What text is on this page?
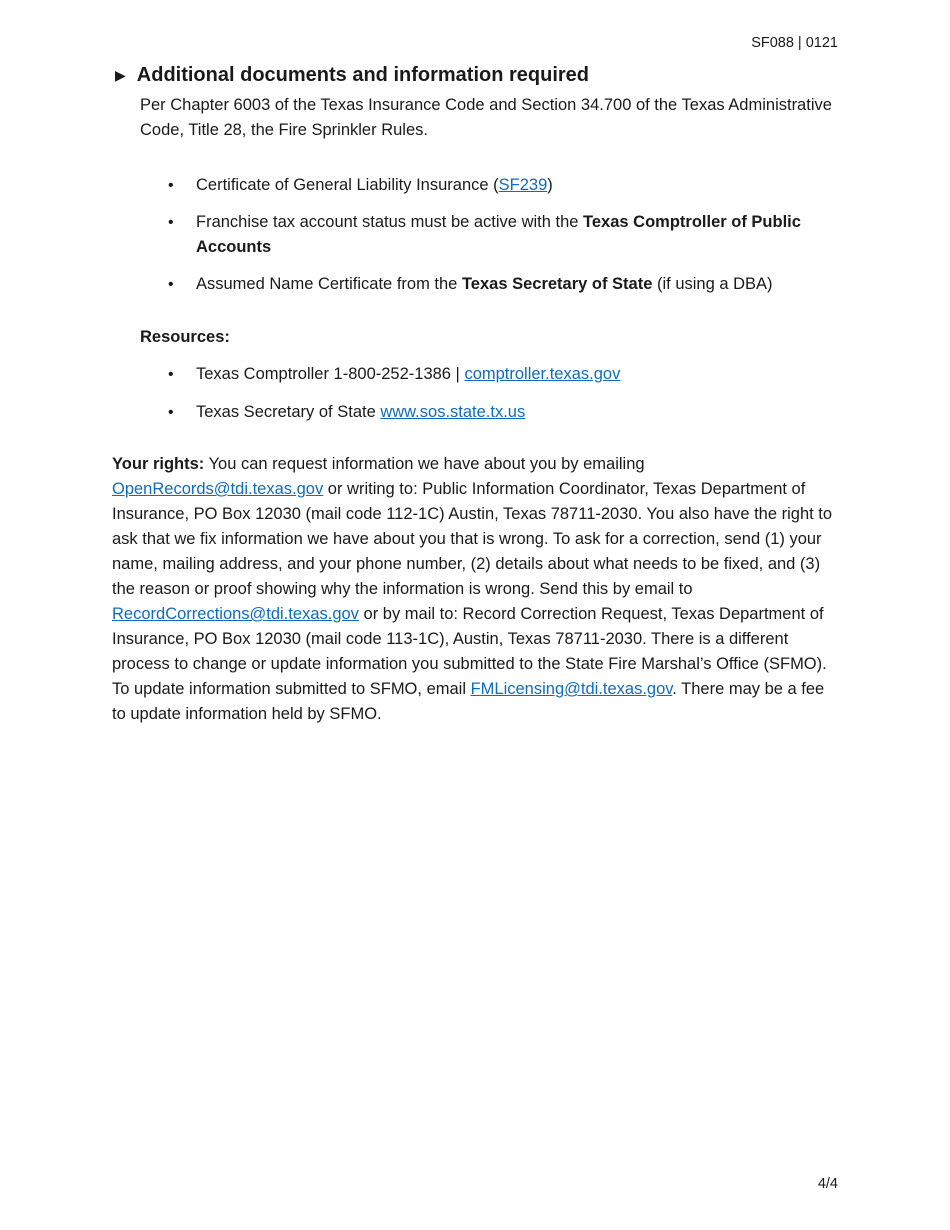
SF088 | 0121
▶ Additional documents and information required

Per Chapter 6003 of the Texas Insurance Code and Section 34.700 of the Texas Administrative Code, Title 28, the Fire Sprinkler Rules.

• Certificate of General Liability Insurance (SF239)
• Franchise tax account status must be active with the Texas Comptroller of Public Accounts
• Assumed Name Certificate from the Texas Secretary of State (if using a DBA)
Resources:
• Texas Comptroller 1-800-252-1386 | comptroller.texas.gov
• Texas Secretary of State www.sos.state.tx.us

Your rights: You can request information we have about you by emailing OpenRecords@tdi.texas.gov or writing to: Public Information Coordinator, Texas Department of Insurance, PO Box 12030 (mail code 112-1C) Austin, Texas 78711-2030. You also have the right to ask that we fix information we have about you that is wrong. To ask for a correction, send (1) your name, mailing address, and your phone number, (2) details about what needs to be fixed, and (3) the reason or proof showing why the information is wrong. Send this by email to RecordCorrections@tdi.texas.gov or by mail to: Record Correction Request, Texas Department of Insurance, PO Box 12030 (mail code 113-1C), Austin, Texas 78711-2030. There is a different process to change or update information you submitted to the State Fire Marshal’s Office (SFMO). To update information submitted to SFMO, email FMLicensing@tdi.texas.gov. There may be a fee to update information held by SFMO.

4/4
